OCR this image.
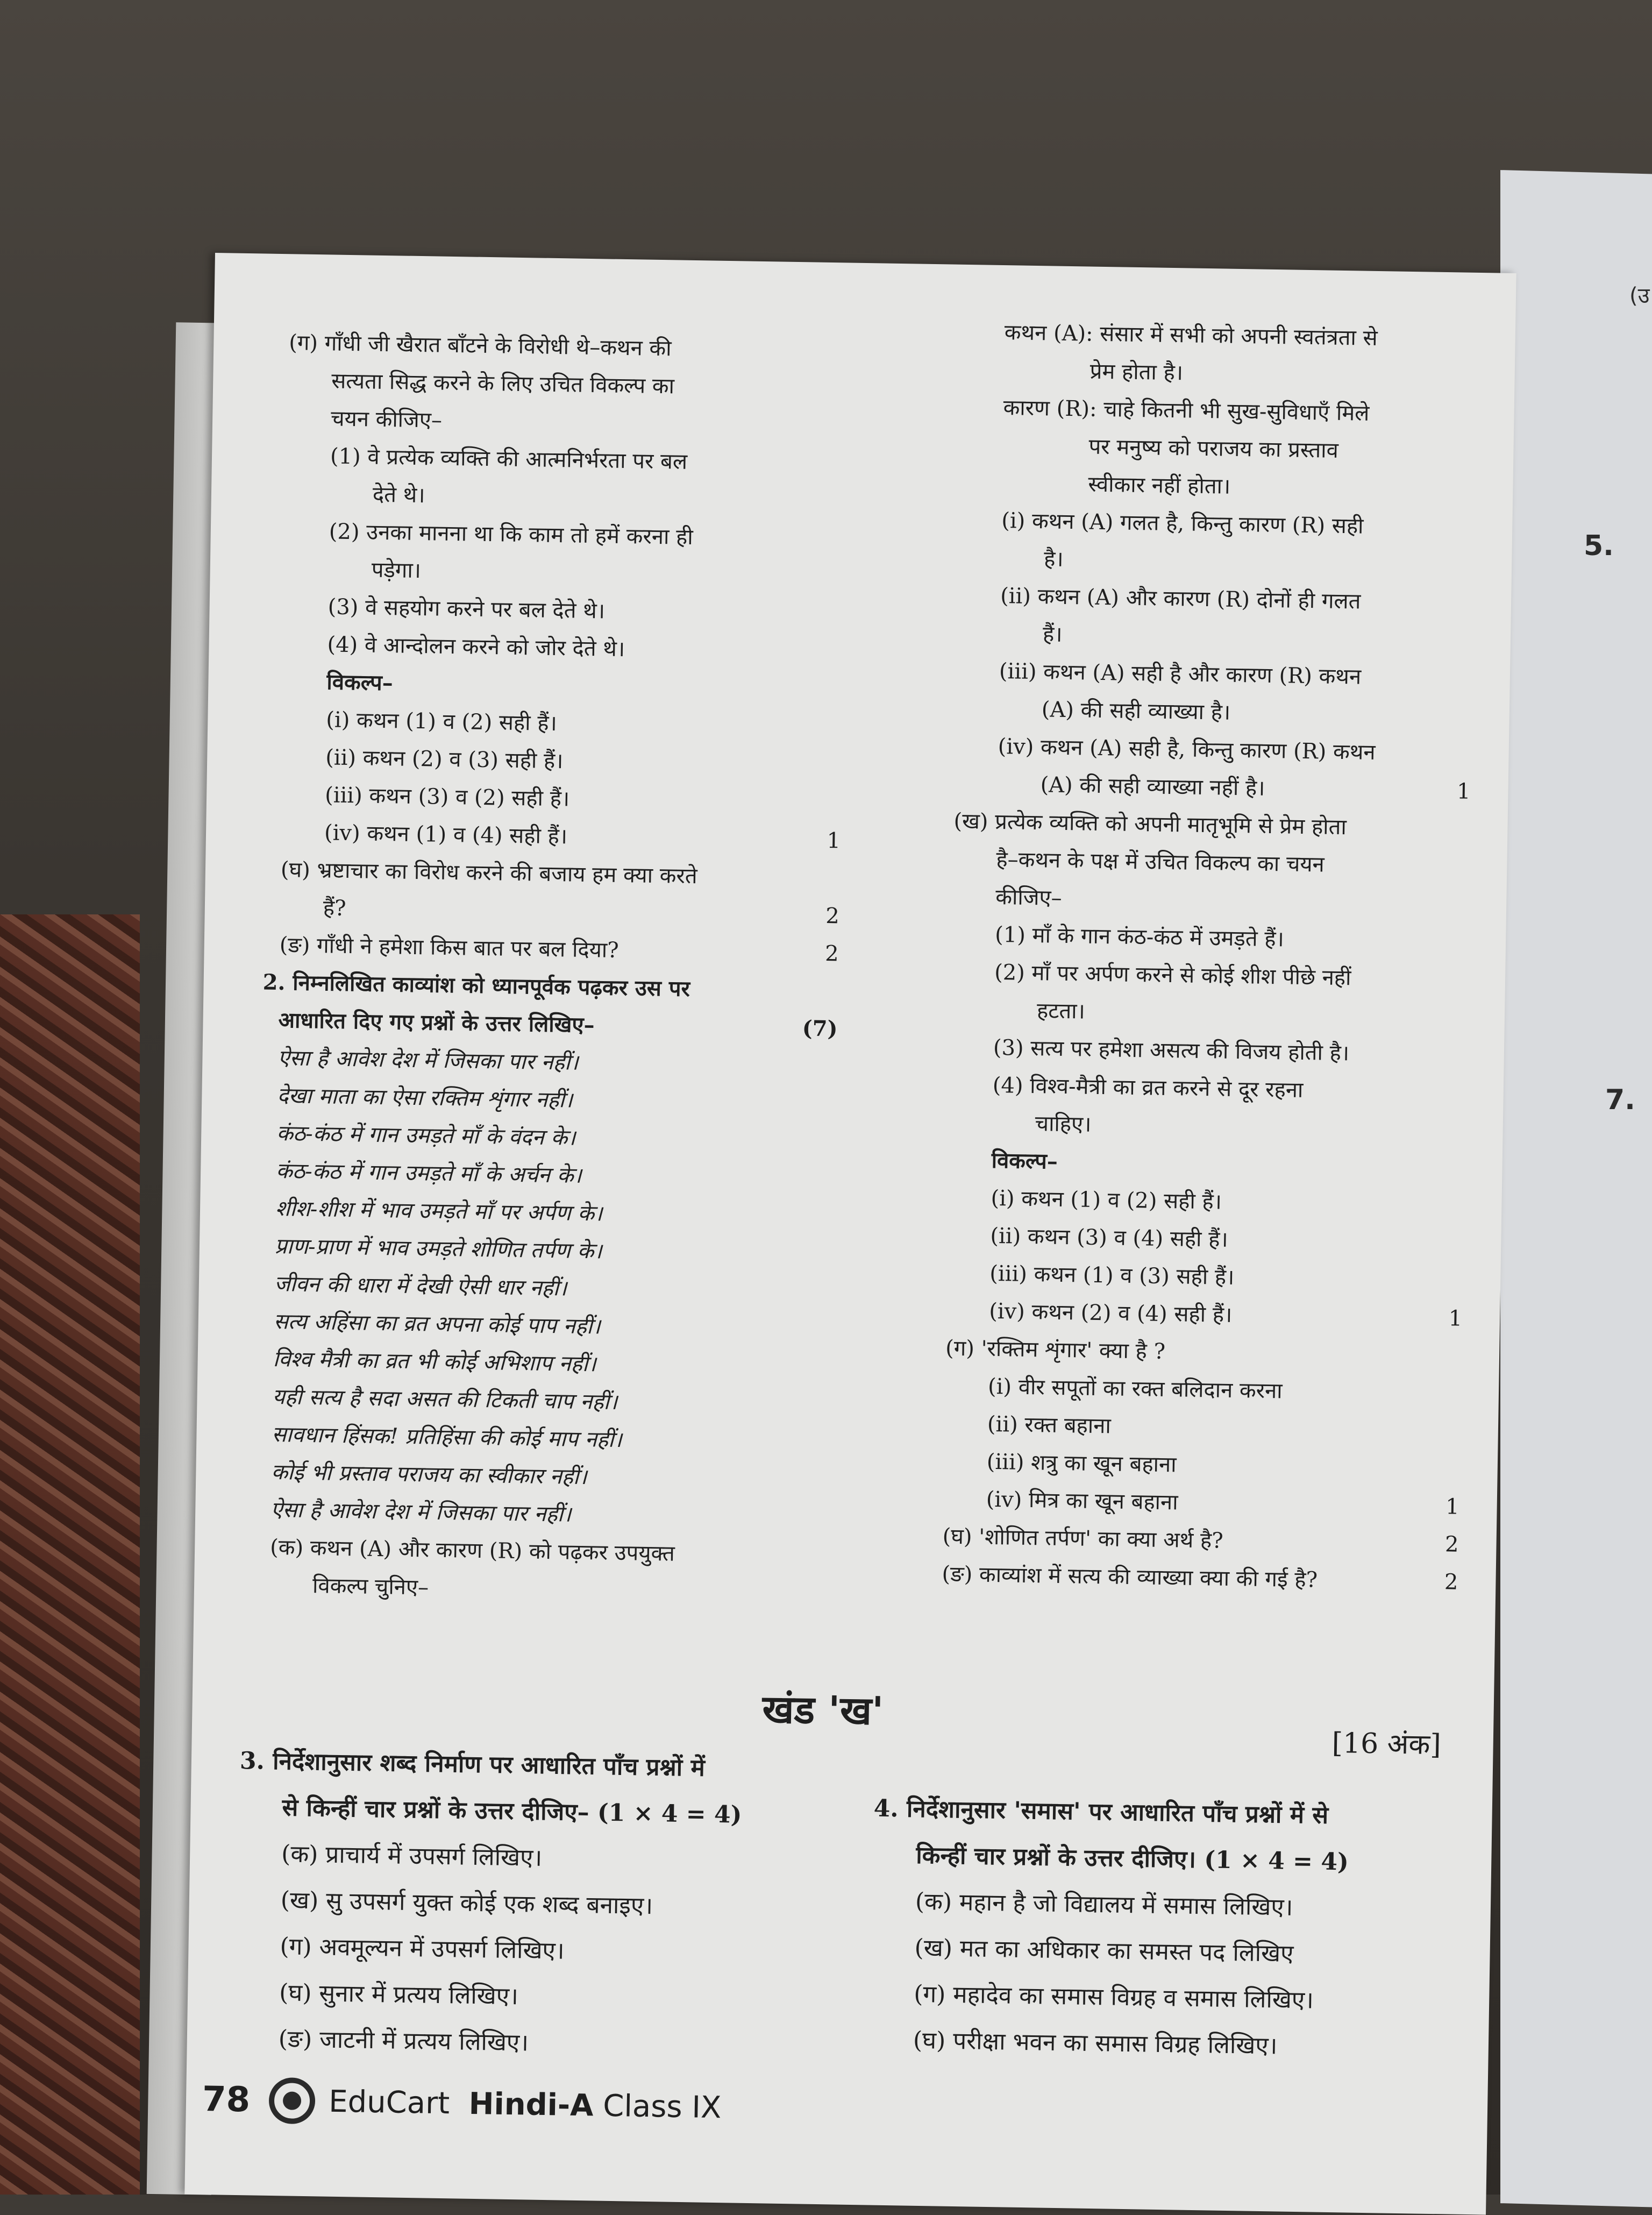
(उ
5.
7.
(ग) गाँधी जी खैरात बाँटने के विरोधी थे–कथन की
सत्यता सिद्ध करने के लिए उचित विकल्प का
चयन कीजिए–
(1) वे प्रत्येक व्यक्ति की आत्मनिर्भरता पर बल
देते थे।
(2) उनका मानना था कि काम तो हमें करना ही
पड़ेगा।
(3) वे सहयोग करने पर बल देते थे।
(4) वे आन्दोलन करने को जोर देते थे।
विकल्प–
(i) कथन (1) व (2) सही हैं।
(ii) कथन (2) व (3) सही हैं।
(iii) कथन (3) व (2) सही हैं।
(iv) कथन (1) व (4) सही हैं।	1
(घ) भ्रष्टाचार का विरोध करने की बजाय हम क्या करते
हैं?	2
(ङ) गाँधी ने हमेशा किस बात पर बल दिया?	2
2. निम्नलिखित काव्यांश को ध्यानपूर्वक पढ़कर उस पर
आधारित दिए गए प्रश्नों के उत्तर लिखिए–	(7)
ऐसा है आवेश देश में जिसका पार नहीं।
देखा माता का ऐसा रक्तिम शृंगार नहीं।
कंठ-कंठ में गान उमड़ते माँ के वंदन के।
कंठ-कंठ में गान उमड़ते माँ के अर्चन के।
शीश-शीश में भाव उमड़ते माँ पर अर्पण के।
प्राण-प्राण में भाव उमड़ते शोणित तर्पण के।
जीवन की धारा में देखी ऐसी धार नहीं।
सत्य अहिंसा का व्रत अपना कोई पाप नहीं।
विश्व मैत्री का व्रत भी कोई अभिशाप नहीं।
यही सत्य है सदा असत की टिकती चाप नहीं।
सावधान हिंसक! प्रतिहिंसा की कोई माप नहीं।
कोई भी प्रस्ताव पराजय का स्वीकार नहीं।
ऐसा है आवेश देश में जिसका पार नहीं।
(क) कथन (A) और कारण (R) को पढ़कर उपयुक्त
विकल्प चुनिए–
कथन (A): संसार में सभी को अपनी स्वतंत्रता से
प्रेम होता है।
कारण (R): चाहे कितनी भी सुख-सुविधाएँ मिले
पर मनुष्य को पराजय का प्रस्ताव
स्वीकार नहीं होता।
(i) कथन (A) गलत है, किन्तु कारण (R) सही
है।
(ii) कथन (A) और कारण (R) दोनों ही गलत
हैं।
(iii) कथन (A) सही है और कारण (R) कथन
(A) की सही व्याख्या है।
(iv) कथन (A) सही है, किन्तु कारण (R) कथन
(A) की सही व्याख्या नहीं है।	1
(ख) प्रत्येक व्यक्ति को अपनी मातृभूमि से प्रेम होता
है–कथन के पक्ष में उचित विकल्प का चयन
कीजिए–
(1) माँ के गान कंठ-कंठ में उमड़ते हैं।
(2) माँ पर अर्पण करने से कोई शीश पीछे नहीं
हटता।
(3) सत्य पर हमेशा असत्य की विजय होती है।
(4) विश्व-मैत्री का व्रत करने से दूर रहना
चाहिए।
विकल्प–
(i) कथन (1) व (2) सही हैं।
(ii) कथन (3) व (4) सही हैं।
(iii) कथन (1) व (3) सही हैं।
(iv) कथन (2) व (4) सही हैं।	1
(ग) 'रक्तिम शृंगार' क्या है ?
(i) वीर सपूतों का रक्त बलिदान करना
(ii) रक्त बहाना
(iii) शत्रु का खून बहाना
(iv) मित्र का खून बहाना	1
(घ) 'शोणित तर्पण' का क्या अर्थ है?	2
(ङ) काव्यांश में सत्य की व्याख्या क्या की गई है?	2
खंड 'ख'
[16 अंक]
3. निर्देशानुसार शब्द निर्माण पर आधारित पाँच प्रश्नों में
से किन्हीं चार प्रश्नों के उत्तर दीजिए– (1 × 4 = 4)
(क) प्राचार्य में उपसर्ग लिखिए।
(ख) सु उपसर्ग युक्त कोई एक शब्द बनाइए।
(ग) अवमूल्यन में उपसर्ग लिखिए।
(घ) सुनार में प्रत्यय लिखिए।
(ङ) जाटनी में प्रत्यय लिखिए।
4. निर्देशानुसार 'समास' पर आधारित पाँच प्रश्नों में से
किन्हीं चार प्रश्नों के उत्तर दीजिए। (1 × 4 = 4)
(क) महान है जो विद्यालय में समास लिखिए।
(ख) मत का अधिकार का समस्त पद लिखिए
(ग) महादेव का समास विग्रह व समास लिखिए।
(घ) परीक्षा भवन का समास विग्रह लिखिए।
78	EduCart Hindi-A Class IX
